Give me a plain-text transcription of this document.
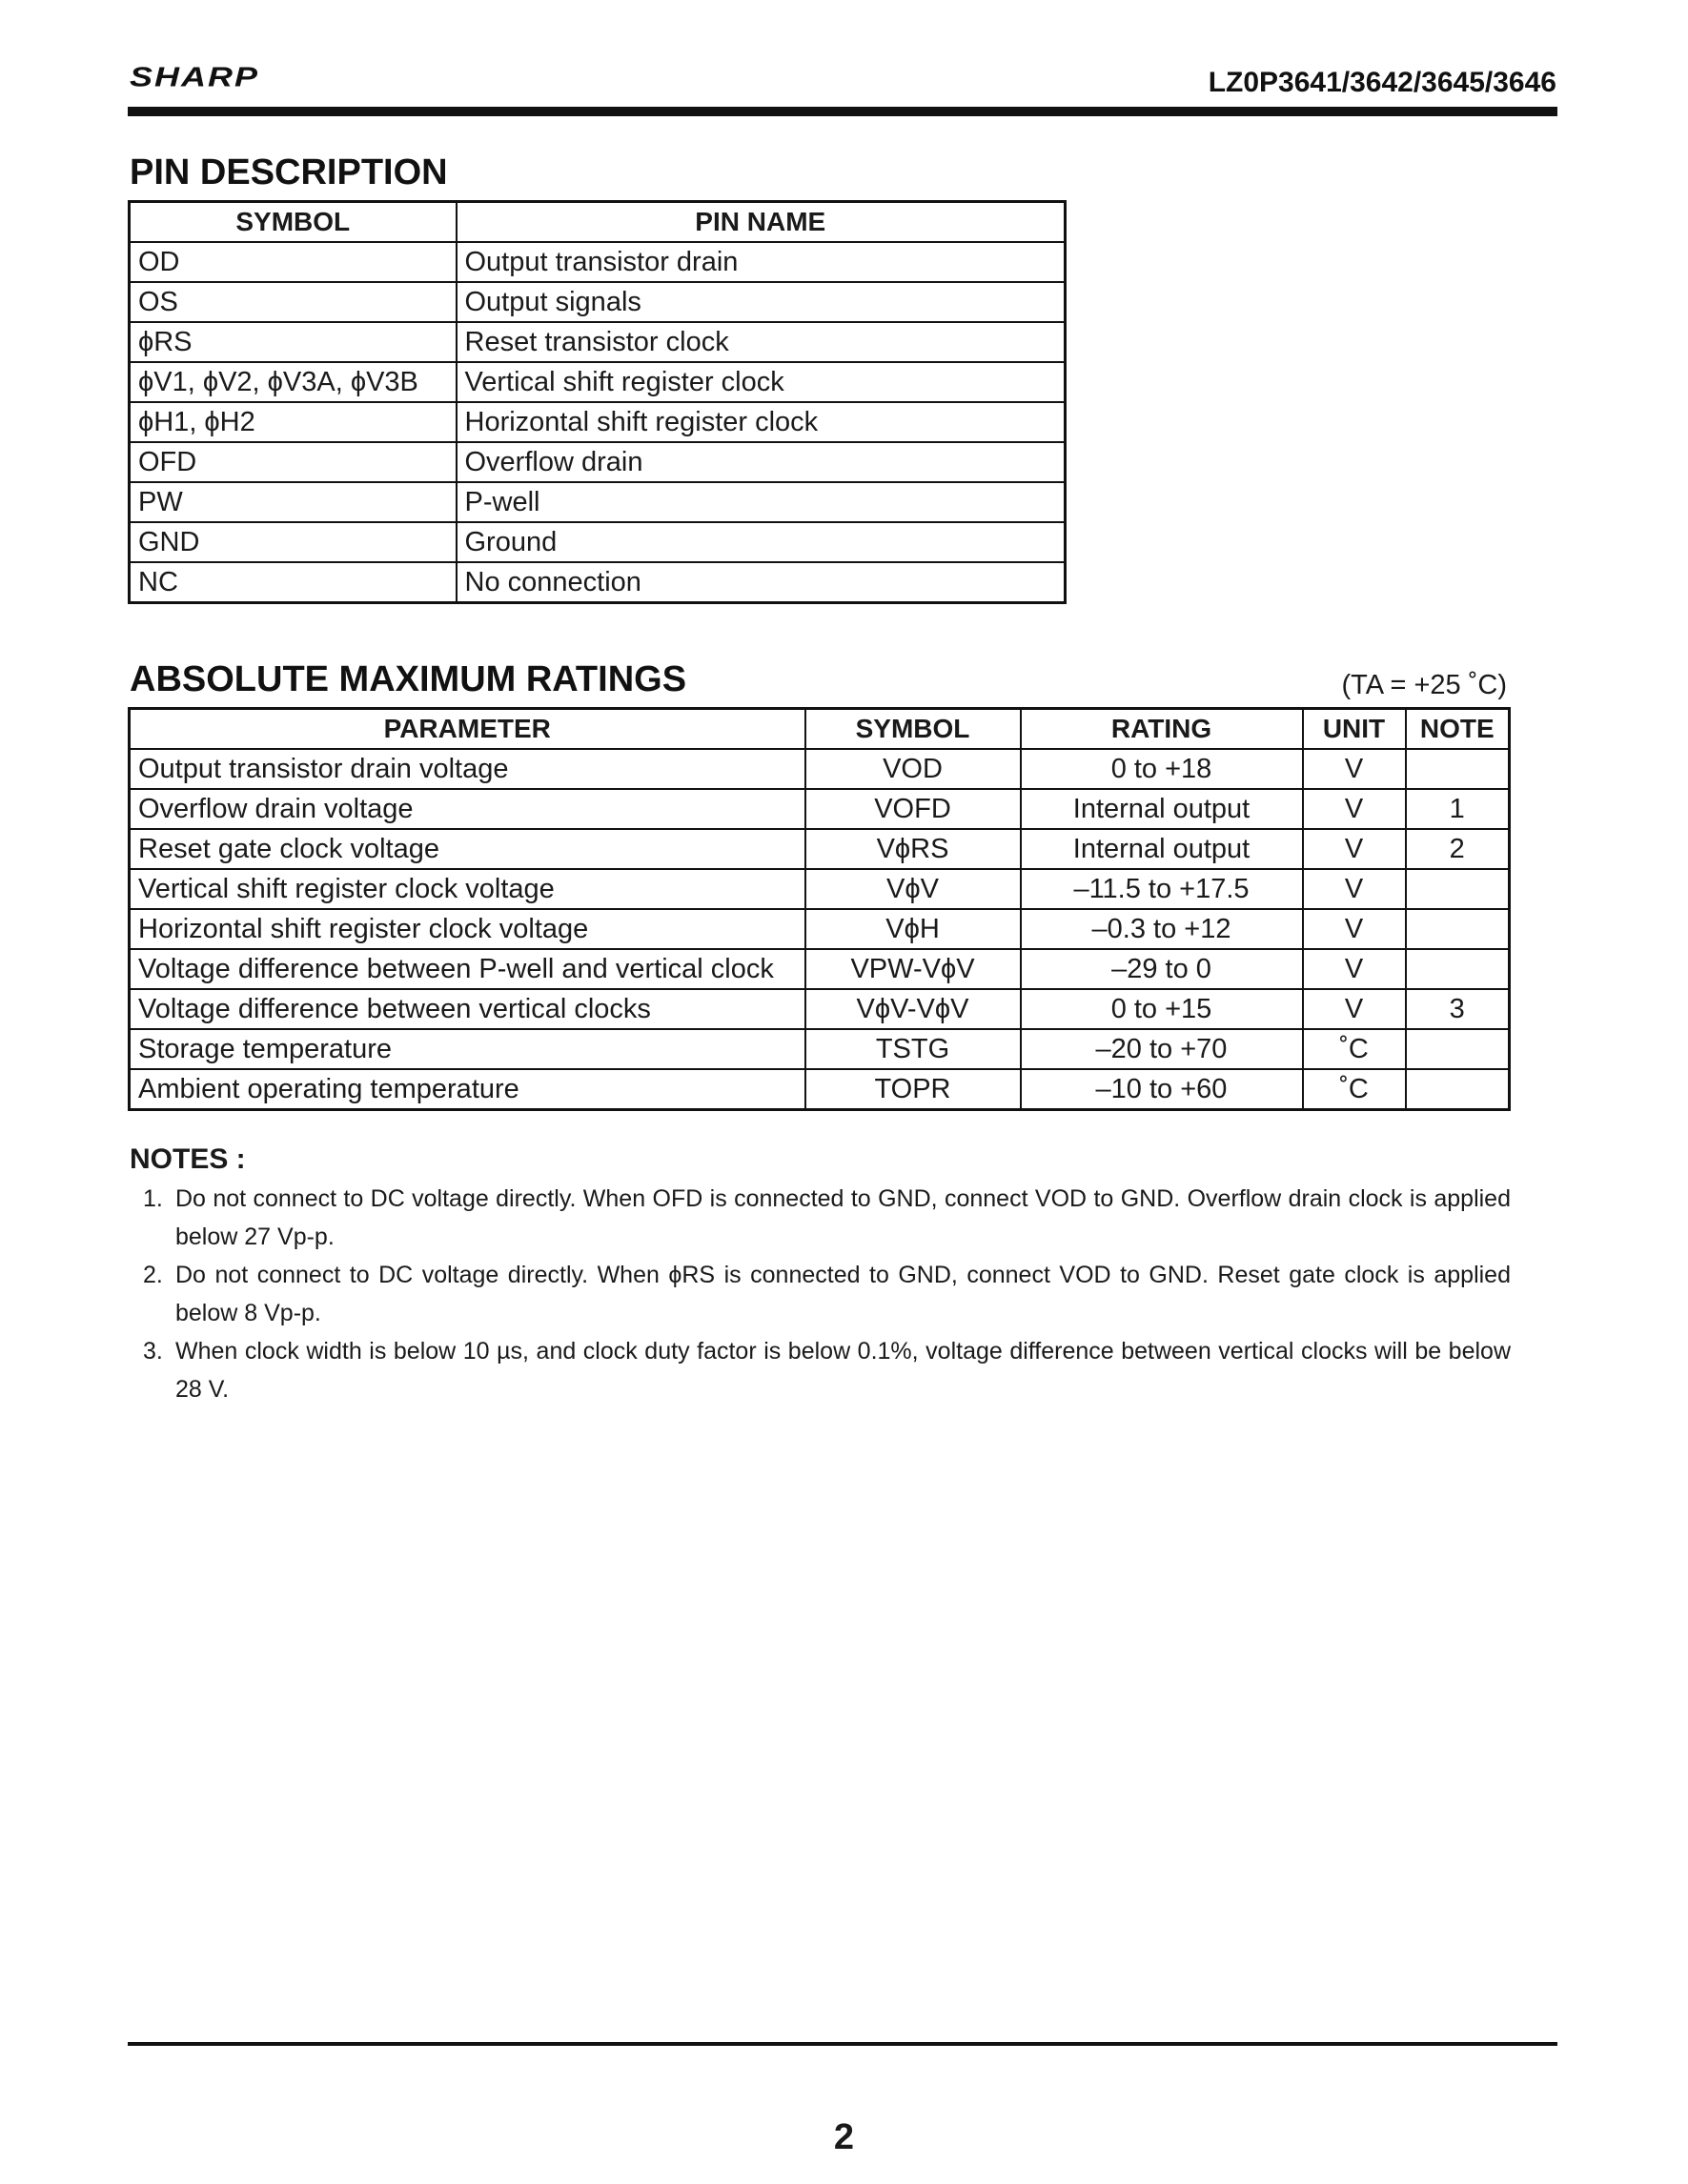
SHARP	LZ0P3641/3642/3645/3646
PIN DESCRIPTION
SYMBOL	PIN NAME
OD	Output transistor drain
OS	Output signals
ϕRS	Reset transistor clock
ϕV1, ϕV2, ϕV3A, ϕV3B	Vertical shift register clock
ϕH1, ϕH2	Horizontal shift register clock
OFD	Overflow drain
PW	P-well
GND	Ground
NC	No connection
ABSOLUTE MAXIMUM RATINGS	(TA = +25 ˚C)
PARAMETER	SYMBOL	RATING	UNIT	NOTE
Output transistor drain voltage	VOD	0 to +18	V	
Overflow drain voltage	VOFD	Internal output	V	1
Reset gate clock voltage	VϕRS	Internal output	V	2
Vertical shift register clock voltage	VϕV	–11.5 to +17.5	V	
Horizontal shift register clock voltage	VϕH	–0.3 to +12	V	
Voltage difference between P-well and vertical clock	VPW-VϕV	–29 to 0	V	
Voltage difference between vertical clocks	VϕV-VϕV	0 to +15	V	3
Storage temperature	TSTG	–20 to +70	˚C	
Ambient operating temperature	TOPR	–10 to +60	˚C	
NOTES :
1. Do not connect to DC voltage directly. When OFD is connected to GND, connect VOD to GND. Overflow drain clock is applied below 27 Vp-p.
2. Do not connect to DC voltage directly. When ϕRS is connected to GND, connect VOD to GND. Reset gate clock is applied below 8 Vp-p.
3. When clock width is below 10 µs, and clock duty factor is below 0.1%, voltage difference between vertical clocks will be below 28 V.
2
